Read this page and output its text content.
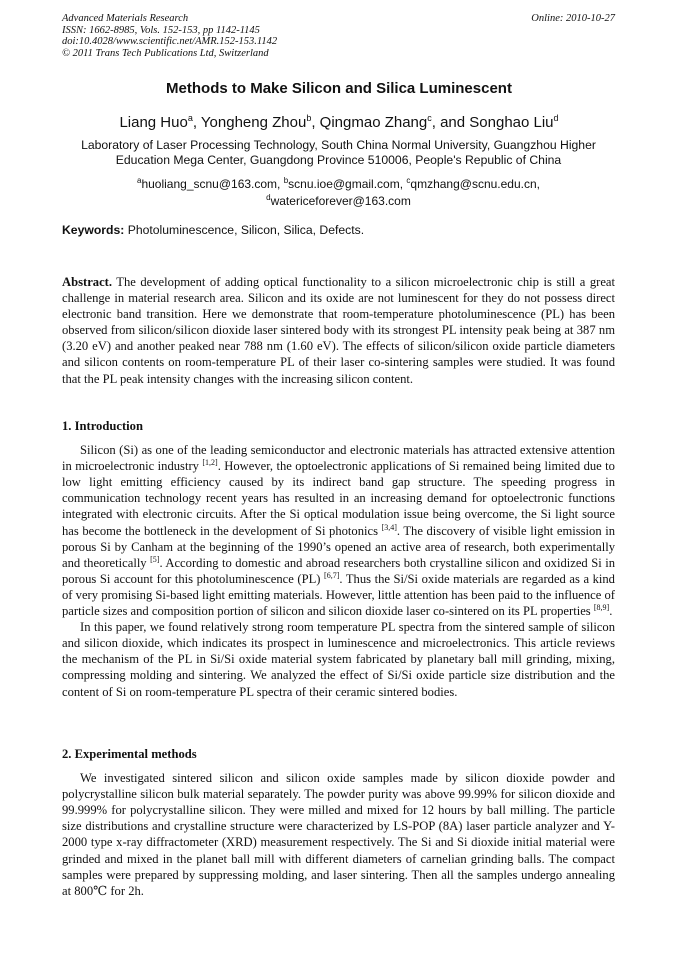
Advanced Materials Research
ISSN: 1662-8985, Vols. 152-153, pp 1142-1145
doi:10.4028/www.scientific.net/AMR.152-153.1142
© 2011 Trans Tech Publications Ltd, Switzerland
Online: 2010-10-27
Methods to Make Silicon and Silica Luminescent
Liang Huo$^a$, Yongheng Zhou$^b$, Qingmao Zhang$^c$, and Songhao Liu$^d$
Laboratory of Laser Processing Technology, South China Normal University, Guangzhou Higher Education Mega Center, Guangdong Province 510006, People's Republic of China
$^a$huoliang_scnu@163.com, $^b$scnu.ioe@gmail.com, $^c$qmzhang@scnu.edu.cn,
$^d$watericeforever@163.com
Keywords: Photoluminescence, Silicon, Silica, Defects.
Abstract. The development of adding optical functionality to a silicon microelectronic chip is still a great challenge in material research area. Silicon and its oxide are not luminescent for they do not possess direct electronic band transition. Here we demonstrate that room-temperature photoluminescence (PL) has been observed from silicon/silicon dioxide laser sintered body with its strongest PL intensity peak being at 387 nm (3.20 eV) and another peaked near 788 nm (1.60 eV). The effects of silicon/silicon oxide particle diameters and silicon contents on room-temperature PL of their laser co-sintering samples were studied. It was found that the PL peak intensity changes with the increasing silicon content.
1. Introduction

Silicon (Si) as one of the leading semiconductor and electronic materials has attracted extensive attention in microelectronic industry [1,2]. However, the optoelectronic applications of Si remained being limited due to low light emitting efficiency caused by its indirect band gap structure. The speeding progress in communication technology recent years has resulted in an increasing demand for optoelectronic functions integrated with electronic circuits. After the Si optical modulation issue being overcome, the Si light source has become the bottleneck in the development of Si photonics [3,4]. The discovery of visible light emission in porous Si by Canham at the beginning of the 1990’s opened an active area of research, both experimentally and theoretically [5]. According to domestic and abroad researchers both crystalline silicon and oxidized Si in porous Si account for this photoluminescence (PL) [6,7]. Thus the Si/Si oxide materials are regarded as a kind of very promising Si-based light emitting materials. However, little attention has been paid to the influence of particle sizes and composition portion of silicon and silicon dioxide laser co-sintered on its PL properties [8,9].

In this paper, we found relatively strong room temperature PL spectra from the sintered sample of silicon and silicon dioxide, which indicates its prospect in luminescence and microelectronics. This article reviews the mechanism of the PL in Si/Si oxide material system fabricated by planetary ball mill grinding, mixing, compressing molding and sintering. We analyzed the effect of Si/Si oxide particle size distribution and the content of Si on room-temperature PL spectra of their ceramic sintered bodies.

2. Experimental methods

We investigated sintered silicon and silicon oxide samples made by silicon dioxide powder and polycrystalline silicon bulk material separately. The powder purity was above 99.99% for silicon dioxide and 99.999% for polycrystalline silicon. They were milled and mixed for 12 hours by ball milling. The particle size distributions and crystalline structure were characterized by LS-POP (8A) laser particle analyzer and Y-2000 type x-ray diffractometer (XRD) measurement respectively. The Si and Si dioxide initial material were grinded and mixed in the planet ball mill with different diameters of carnelian grinding balls. The compact samples were prepared by suppressing molding, and laser sintering. Then all the samples undergo annealing at 800℃ for 2h.
